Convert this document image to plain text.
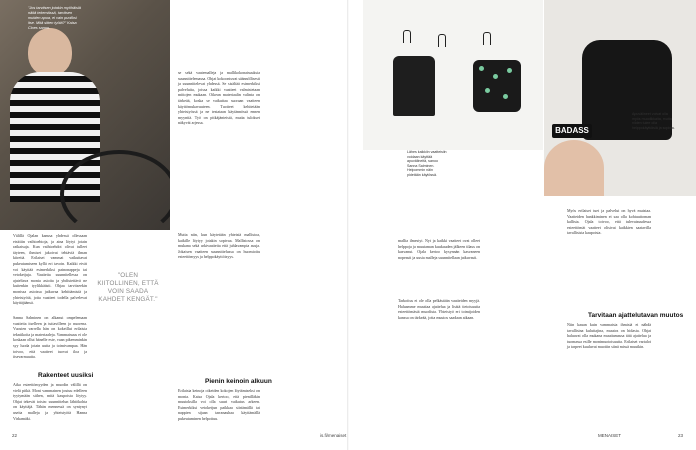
"Jos tarvitsen jotakin myöhäisiä näitä tekemässä, tarvitsen muiden apua, ei vain puoliksi itse. Mitä sitten työtä?" Kaisa Cloes sanoo.
Välillä Ojalan kanssa yhdessä ollessaan etsittiin vaihtoehtoja, ja aina löytyi jotain ratkaisuja. Kun vaihtoehdot olivat tulleet täyteen, ihmiset jakoivat tehtäviä ilman kiirettä. Erilaiset vammat vaikuttavat pukeutumiseen kyllä eri tavoin. Kaikki eivät voi käyttää esimerkiksi painonappeja tai vetoketjuja. Vaatteita suunnitellessa on ajateltava monia asioita ja yhdistettävä ne kuitenkin tyylikkäästi. Ohjaa tarvitseekin monissa asioissa jatkuvaa kehittämistä ja yhteistyötä, jotta vaatteet todella palvelevat käyttäjäänsä.
Sanna Salminen on alkanut ompelemaan vaatteita itselleen ja tuttavilleen jo nuorena. Vuosien varrella hän on kokeillut erilaisia tekniikoita ja materiaaleja. Vammaisuus ei ole koskaan ollut hänelle este, vaan pikemminkin syy luoda jotain uutta ja toimivampaa. Hän toivoo, että vaatteet tuovat iloa ja itsevarmuutta.
Rakenteet uusiksi
Aika esteettömyyden ja muodin välillä on vielä pitkä. Moni vammainen joutuu edelleen tyytymään siihen, mitä kaupoista löytyy. Ohjat tekevät toisin: suunnittelun lähtökohta on käyttäjä. Tähän mennessä on syntynyt useita malleja ja yhteistyötä Hanna Virkamäki.
se sekä vaatemalleja ja mallikokonaisuuksia suunnittelemassa. Ohjat kokoontuvat säännöllisesti ja suunnittelevat yhdessä. Se sisältää esimerkiksi palveluita, joissa kaikki vaatteet valmistetaan mittojen mukaan. Oikean materiaalin valinta on tärkeää, koska se vaikuttaa suoraan vaatteen käyttömukavuuteen. Tuotteet kehitetään yhteistyössä ja ne testataan käytännössä ennen myyntiä. Työ on pitkäjänteistä, mutta tulokset näkyvät arjessa.
Mutta niin, kun käytetään yhteistä mallistoa, kaikille löytyy jotakin sopivaa. Mallistossa on mukana sekä arkivaatteita että juhlavampia asuja. Jokaisen vaatteen suunnittelussa on huomioitu esteettömyys ja helppokäyttöisyys.
"OLEN KIITOLLINEN, ETTÄ VOIN SAADA KAHDET KENGÄT."
Pienin keinoin alkuun
Erilaisia keinoja oikeiden kokojen löytämiseksi on monia. Kaisa Ojala kertoo, että pienilläkin muutoksilla voi olla suuri vaikutus arkeen. Esimerkiksi vetoketjun paikkaa siirtämällä tai nappien sijaan tarranauhaa käyttämällä pukeutuminen helpottuu.
22	is.fi/menaiset
Lähes kaikkiin vaatteisiin voidaan käyttää apuvälineitä, sanoo Sanna Salminen. Helpommin näin pidetään käytössä.
BADASS
Apuvälineet voivat olla myös muodikkaita, mutta niiden tulee olla helppokäyttöisiä ja sopivia.
mallia ilmestyi. Nyt ja kaikki vaatteet ovat olleet helppoja ja muutaman kuukauden jälkeen tilaus on kasvanut. Ojala kertoo kysynnän kasvaneen nopeasti ja uusia malleja suunnitellaan jatkuvasti.
Tarkoitus ei ole olla pelkästään vaatteiden myyjä. Haluamme muuttaa ajattelua ja lisätä tietoisuutta esteettömästä muodista. Yhteistyö eri toimijoiden kanssa on tärkeää, jotta muutos saadaan aikaan.
Myös erilaiset tuet ja palvelut on hyvä muistaa. Vaatteiden hankkiminen ei saa olla kohtuuttoman kallista. Ojala toivoo, että tulevaisuudessa esteettömät vaatteet olisivat kaikkien saatavilla tavallisista kaupoista.
Tarvitaan ajattelutavan muutos
Niin kauan kuin vammaisia ihmisiä ei nähdä tavallisina kuluttajina, muutos on hidasta. Ohjat haluavat olla mukana muuttamassa tätä ajattelua ja tuomassa esille monimuotoisuutta. Erilaiset vartalot ja tarpeet kuuluvat muotiin siinä missä muutkin.
MENAISET	23
